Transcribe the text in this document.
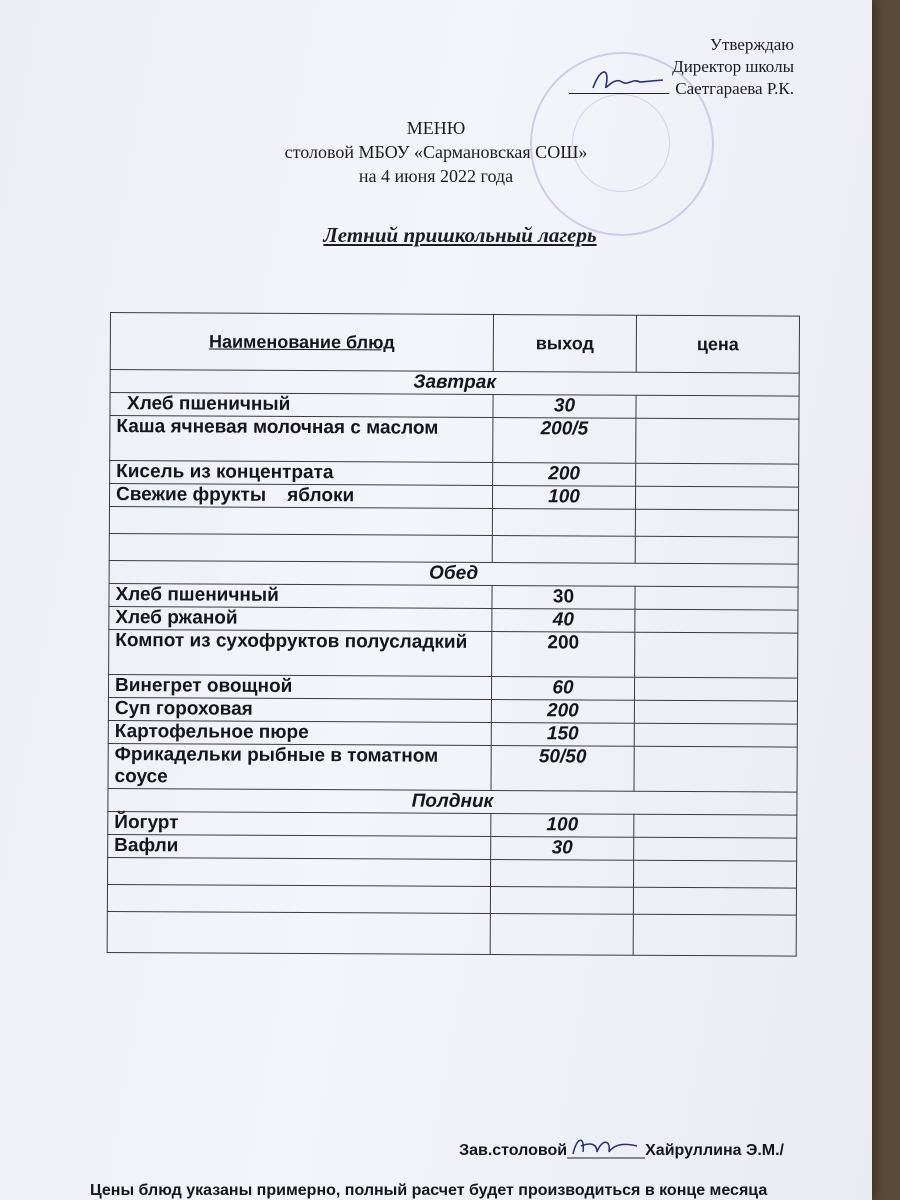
Утверждаю
Директор школы
Саетгараева Р.К.
МЕНЮ
столовой МБОУ «Сармановская СОШ»
на 4 июня 2022 года
Летний пришкольный лагерь
Наименование блюд	выход	цена
Завтрак		
Хлеб пшеничный	30	
Каша ячневая молочная с маслом	200/5	
Кисель из концентрата	200	
Свежие фрукты    яблоки	100	

Обед		
Хлеб пшеничный	30	
Хлеб ржаной	40	
Компот из сухофруктов полусладкий	200	
Винегрет овощной	60	
Суп гороховая	200	
Картофельное пюре	150	
Фрикадельки рыбные в томатном соусе	50/50	
Полдник		
Йогурт	100	
Вафли	30	

Зав.столовой	Хайруллина Э.М./
Цены блюд указаны примерно, полный расчет будет производиться в конце месяца
